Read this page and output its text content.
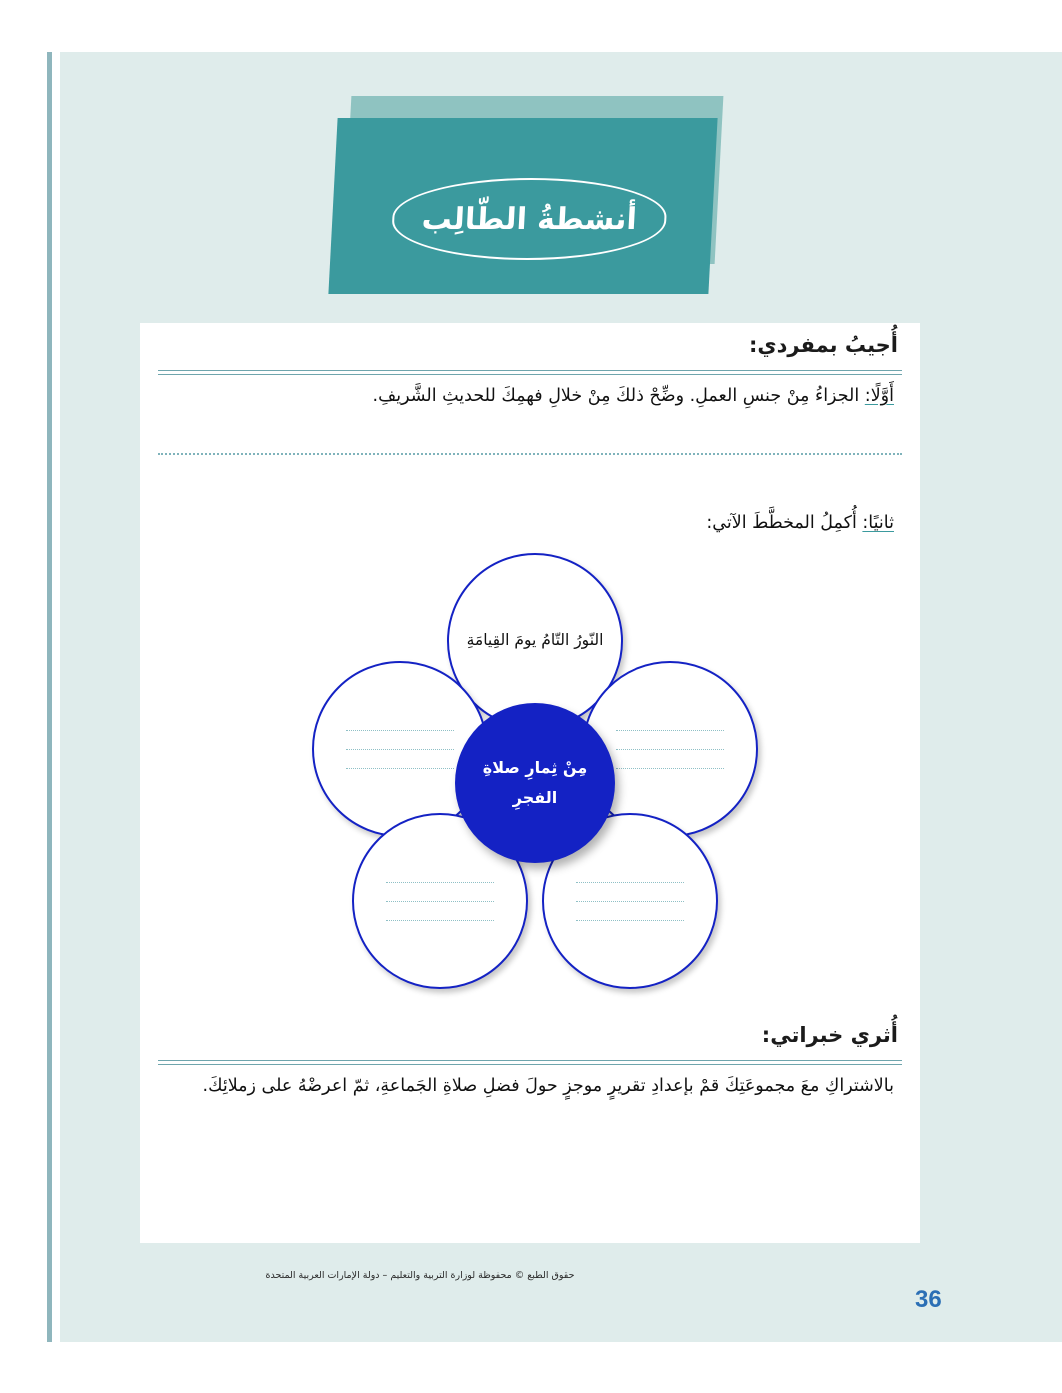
أنشطةُ الطّالِب
أُجيبُ بمفردي:
أَوَّلًا: الجزاءُ مِنْ جنسِ العملِ. وضِّحْ ذلكَ مِنْ خلالِ فهمِكَ للحديثِ الشَّريفِ.
ثانيًا: أُكمِلُ المخطَّطَ الآتي:
النّورُ التّامُ يومَ القِيامَةِ
مِنْ ثِمارِ صلاةِ الفجرِ
أُثري خبراتي:
بالاشتراكِ معَ مجموعَتِكَ قمْ بإعدادِ تقريرٍ موجزٍ حولَ فضلِ صلاةِ الجَماعةِ، ثمّ اعرضْهُ على زملائِكَ.
حقوق الطبع © محفوظة لوزارة التربية والتعليم – دولة الإمارات العربية المتحدة
36
